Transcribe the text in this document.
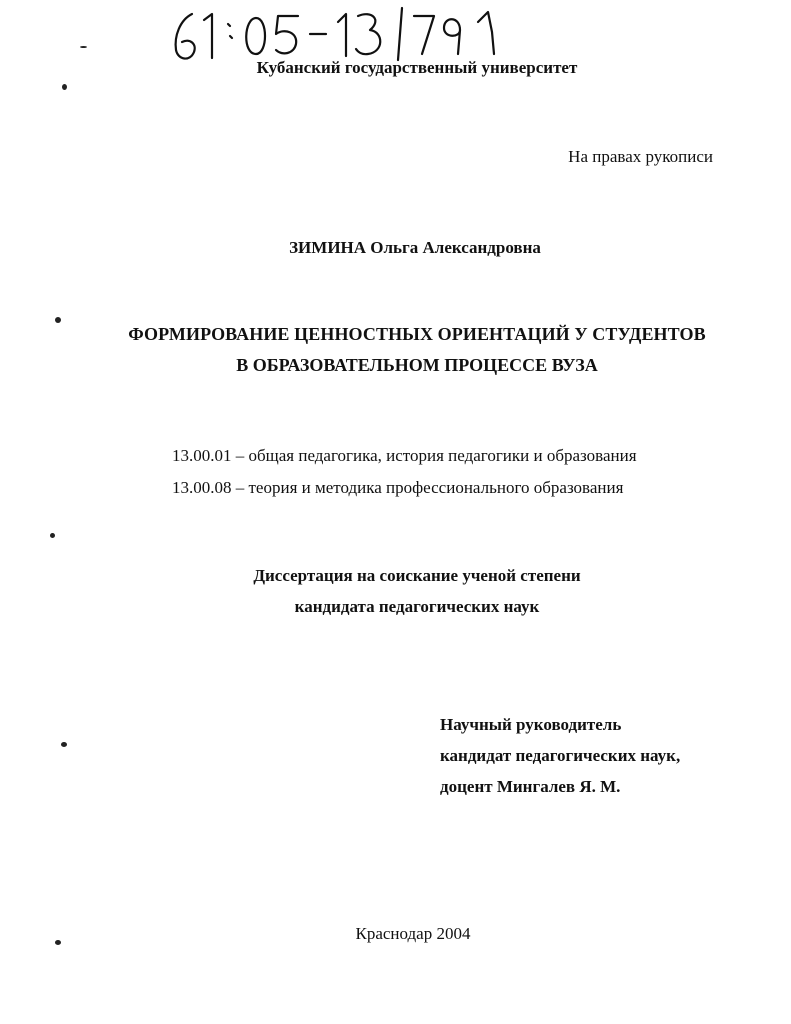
Кубанский государственный университет
На правах рукописи
ЗИМИНА Ольга Александровна
ФОРМИРОВАНИЕ ЦЕННОСТНЫХ ОРИЕНТАЦИЙ У СТУДЕНТОВ
В ОБРАЗОВАТЕЛЬНОМ ПРОЦЕССЕ ВУЗА
13.00.01 – общая педагогика, история педагогики и образования
13.00.08 – теория и методика профессионального образования
Диссертация на соискание ученой степени
кандидата педагогических наук
Научный руководитель
кандидат педагогических наук,
доцент Мингалев Я. М.
Краснодар 2004
